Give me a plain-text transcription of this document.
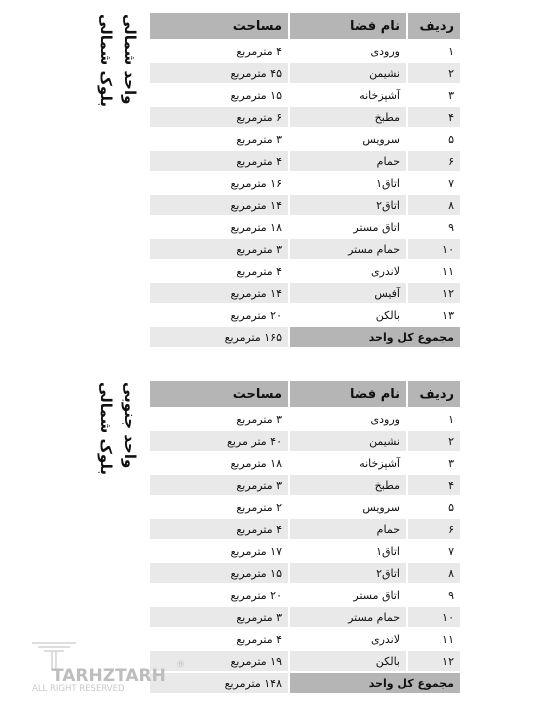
بلوک شمالی واحد شمالی	ردیف	نام فضا	مساحت
۱	ورودی	۴ مترمربع
۲	نشیمن	۴۵ مترمربع
۳	آشپزخانه	۱۵ مترمربع
۴	مطبخ	۶ مترمربع
۵	سرویس	۳ مترمربع
۶	حمام	۴ مترمربع
۷	اتاق۱	۱۶ مترمربع
۸	اتاق۲	۱۴ مترمربع
۹	اتاق مستر	۱۸ مترمربع
۱۰	حمام مستر	۳ مترمربع
۱۱	لاندری	۴ مترمربع
۱۲	آفیس	۱۴ مترمربع
۱۳	بالکن	۲۰ مترمربع
مجموع کل واحد		۱۶۵ مترمربع
بلوک شمالی واحد جنوبی	ردیف	نام فضا	مساحت
۱	ورودی	۳ مترمربع
۲	نشیمن	۴۰ متر مربع
۳	آشپزخانه	۱۸ مترمربع
۴	مطبخ	۳ مترمربع
۵	سرویس	۲ مترمربع
۶	حمام	۴ مترمربع
۷	اتاق۱	۱۷ مترمربع
۸	اتاق۲	۱۵ مترمربع
۹	اتاق مستر	۲۰ مترمربع
۱۰	حمام مستر	۳ مترمربع
۱۱	لاندری	۴ مترمربع
۱۲	بالکن	۱۹ مترمربع
مجموع کل واحد		۱۴۸ مترمربع
TARHZTARH
®
ALL RIGHT RESERVED
